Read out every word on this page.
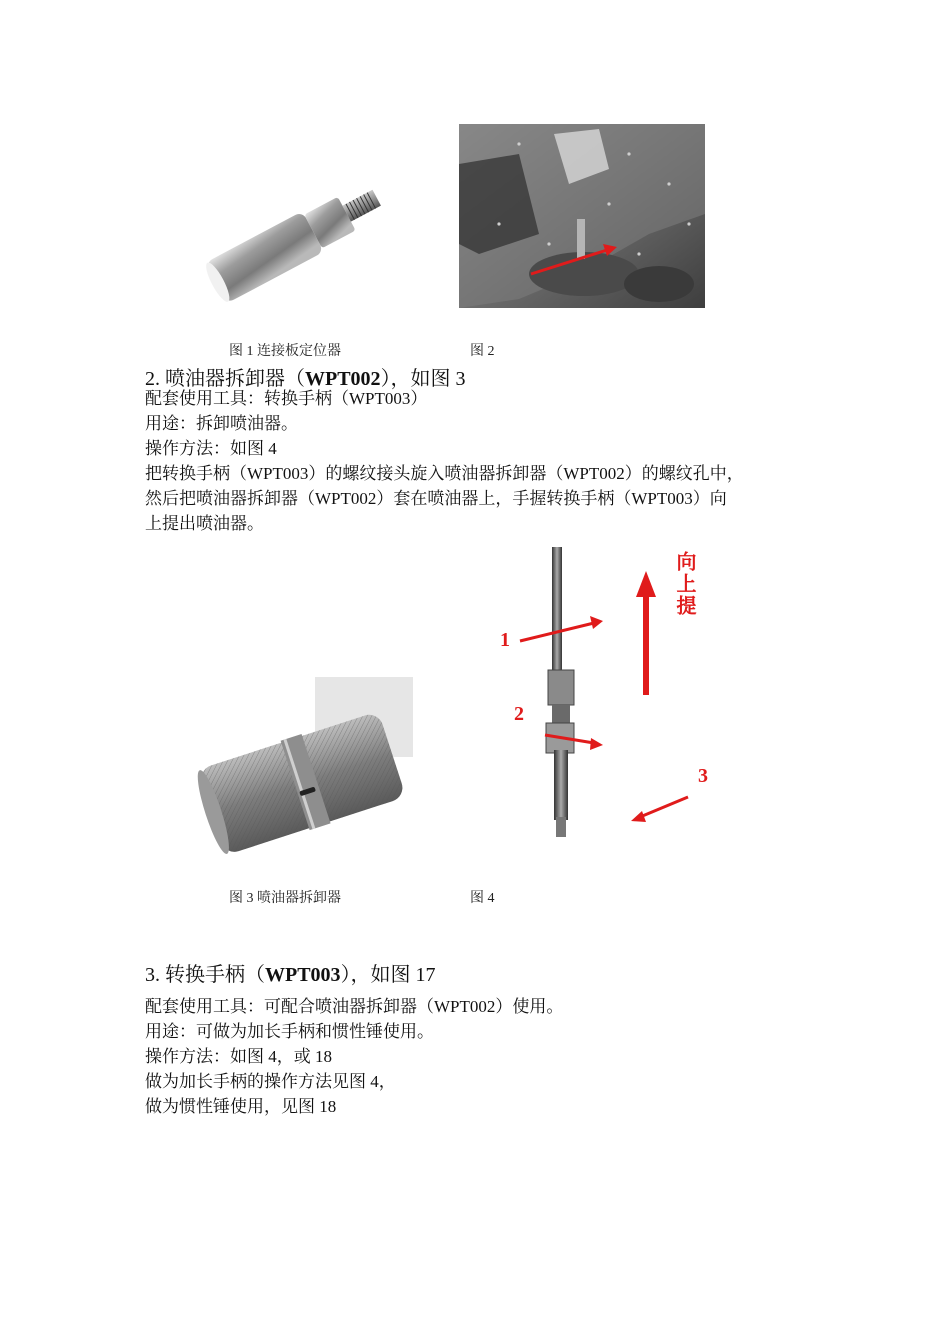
图 1 连接板定位器	图 2
2. 喷油器拆卸器（WPT002），如图 3
配套使用工具：转换手柄（WPT003）
用途：拆卸喷油器。
操作方法：如图 4
把转换手柄（WPT003）的螺纹接头旋入喷油器拆卸器（WPT002）的螺纹孔中，
然后把喷油器拆卸器（WPT002）套在喷油器上，手握转换手柄（WPT003）向
上提出喷油器。
1
2
3
向上提
图 3 喷油器拆卸器	图 4
3. 转换手柄（WPT003），如图 17
配套使用工具：可配合喷油器拆卸器（WPT002）使用。
用途：可做为加长手柄和惯性锤使用。
操作方法：如图 4，或 18
做为加长手柄的操作方法见图 4，
做为惯性锤使用，见图 18
